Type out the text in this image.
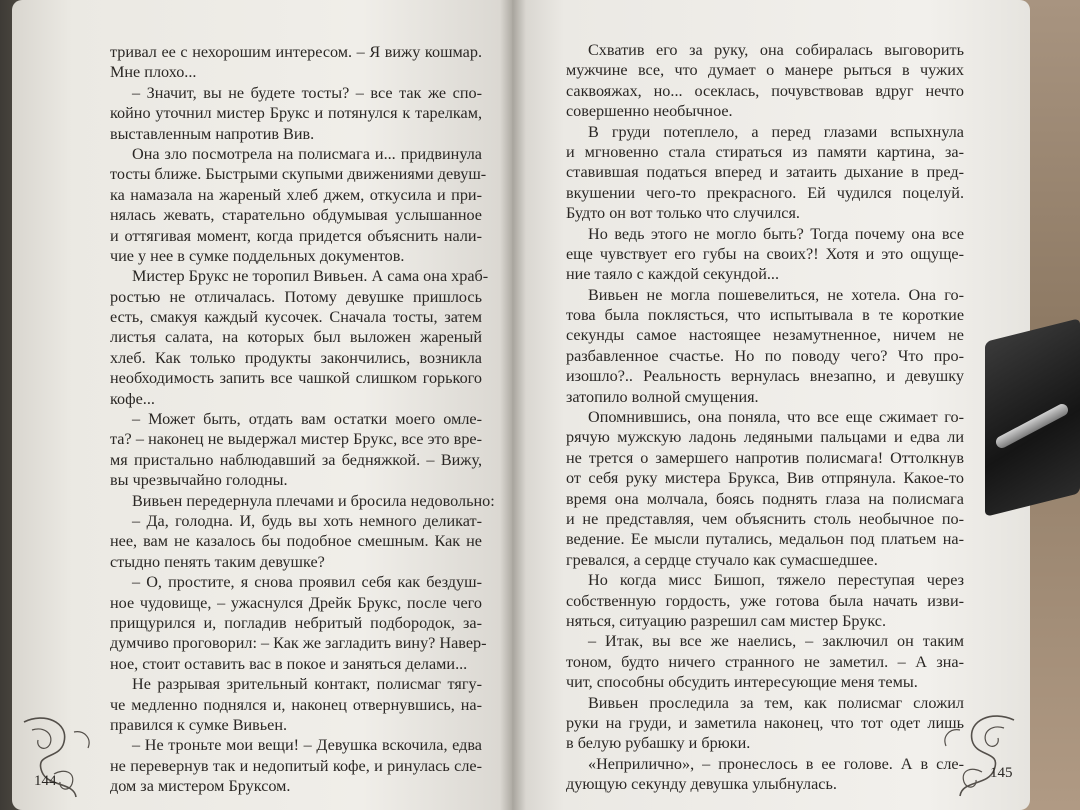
тривал ее с нехорошим интересом. – Я вижу кошмар.
Мне плохо...
– Значит, вы не будете тосты? – все так же спо-
койно уточнил мистер Брукс и потянулся к тарелкам,
выставленным напротив Вив.
Она зло посмотрела на полисмага и... придвинула
тосты ближе. Быстрыми скупыми движениями девуш-
ка намазала на жареный хлеб джем, откусила и при-
нялась жевать, старательно обдумывая услышанное
и оттягивая момент, когда придется объяснить нали-
чие у нее в сумке поддельных документов.
Мистер Брукс не торопил Вивьен. А сама она храб-
ростью не отличалась. Потому девушке пришлось
есть, смакуя каждый кусочек. Сначала тосты, затем
листья салата, на которых был выложен жареный
хлеб. Как только продукты закончились, возникла
необходимость запить все чашкой слишком горького
кофе...
– Может быть, отдать вам остатки моего омле-
та? – наконец не выдержал мистер Брукс, все это вре-
мя пристально наблюдавший за бедняжкой. – Вижу,
вы чрезвычайно голодны.
Вивьен передернула плечами и бросила недовольно:
– Да, голодна. И, будь вы хоть немного деликат-
нее, вам не казалось бы подобное смешным. Как не
стыдно пенять таким девушке?
– О, простите, я снова проявил себя как бездуш-
ное чудовище, – ужаснулся Дрейк Брукс, после чего
прищурился и, погладив небритый подбородок, за-
думчиво проговорил: – Как же загладить вину? Навер-
ное, стоит оставить вас в покое и заняться делами...
Не разрывая зрительный контакт, полисмаг тягу-
че медленно поднялся и, наконец отвернувшись, на-
правился к сумке Вивьен.
– Не троньте мои вещи! – Девушка вскочила, едва
не перевернув так и недопитый кофе, и ринулась сле-
дом за мистером Бруксом.
144
Схватив его за руку, она собиралась выговорить
мужчине все, что думает о манере рыться в чужих
саквояжах, но... осеклась, почувствовав вдруг нечто
совершенно необычное.
В груди потеплело, а перед глазами вспыхнула
и мгновенно стала стираться из памяти картина, за-
ставившая податься вперед и затаить дыхание в пред-
вкушении чего-то прекрасного. Ей чудился поцелуй.
Будто он вот только что случился.
Но ведь этого не могло быть? Тогда почему она все
еще чувствует его губы на своих?! Хотя и это ощуще-
ние таяло с каждой секундой...
Вивьен не могла пошевелиться, не хотела. Она го-
това была поклясться, что испытывала в те короткие
секунды самое настоящее незамутненное, ничем не
разбавленное счастье. Но по поводу чего? Что про-
изошло?.. Реальность вернулась внезапно, и девушку
затопило волной смущения.
Опомнившись, она поняла, что все еще сжимает го-
рячую мужскую ладонь ледяными пальцами и едва ли
не трется о замершего напротив полисмага! Оттолкнув
от себя руку мистера Брукса, Вив отпрянула. Какое-то
время она молчала, боясь поднять глаза на полисмага
и не представляя, чем объяснить столь необычное по-
ведение. Ее мысли путались, медальон под платьем на-
гревался, а сердце стучало как сумасшедшее.
Но когда мисс Бишоп, тяжело переступая через
собственную гордость, уже готова была начать изви-
няться, ситуацию разрешил сам мистер Брукс.
– Итак, вы все же наелись, – заключил он таким
тоном, будто ничего странного не заметил. – А зна-
чит, способны обсудить интересующие меня темы.
Вивьен проследила за тем, как полисмаг сложил
руки на груди, и заметила наконец, что тот одет лишь
в белую рубашку и брюки.
«Неприлично», – пронеслось в ее голове. А в сле-
дующую секунду девушка улыбнулась.
145
